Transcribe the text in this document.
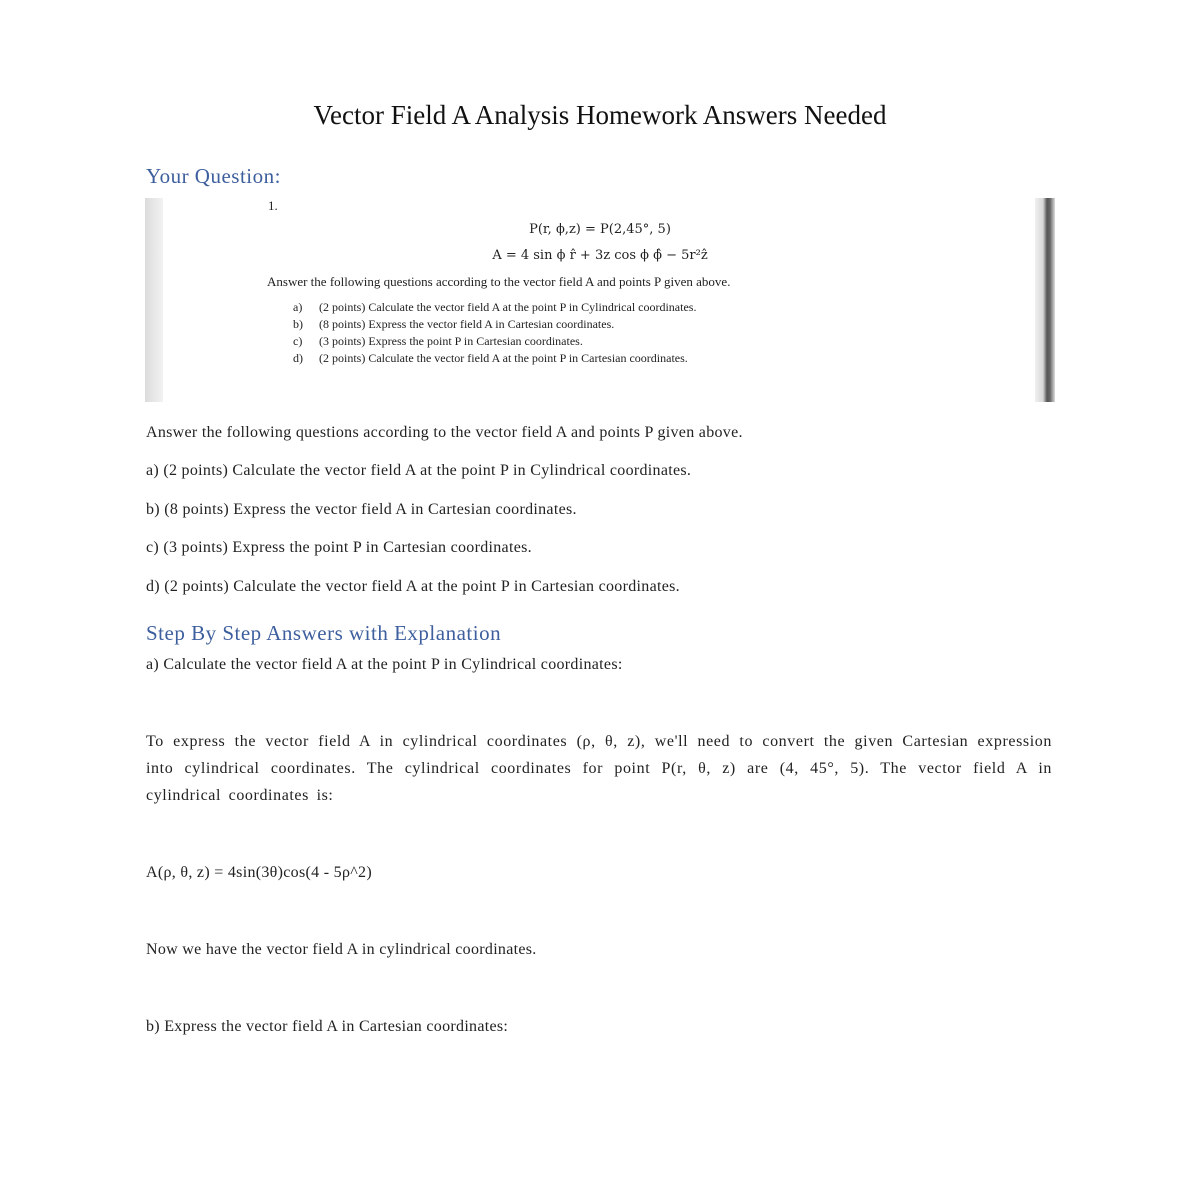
Vector Field A Analysis Homework Answers Needed
Your Question:
1.
P(r, ϕ,z) = P(2,45°, 5)
A = 4 sin ϕ r̂ + 3z cos ϕ ϕ̂ − 5r²ẑ
Answer the following questions according to the vector field A and points P given above.
a) (2 points) Calculate the vector field A at the point P in Cylindrical coordinates.
b) (8 points) Express the vector field A in Cartesian coordinates.
c) (3 points) Express the point P in Cartesian coordinates.
d) (2 points) Calculate the vector field A at the point P in Cartesian coordinates.
Answer the following questions according to the vector field A and points P given above.
a) (2 points) Calculate the vector field A at the point P in Cylindrical coordinates.
b) (8 points) Express the vector field A in Cartesian coordinates.
c) (3 points) Express the point P in Cartesian coordinates.
d) (2 points) Calculate the vector field A at the point P in Cartesian coordinates.
Step By Step Answers with Explanation
a) Calculate the vector field A at the point P in Cylindrical coordinates:
To express the vector field A in cylindrical coordinates (ρ, θ, z), we'll need to convert the given Cartesian expression into cylindrical coordinates. The cylindrical coordinates for point P(r, θ, z) are (4, 45°, 5). The vector field A in cylindrical coordinates is:
A(ρ, θ, z) = 4sin(3θ)cos(4 - 5ρ^2)
Now we have the vector field A in cylindrical coordinates.
b) Express the vector field A in Cartesian coordinates:
